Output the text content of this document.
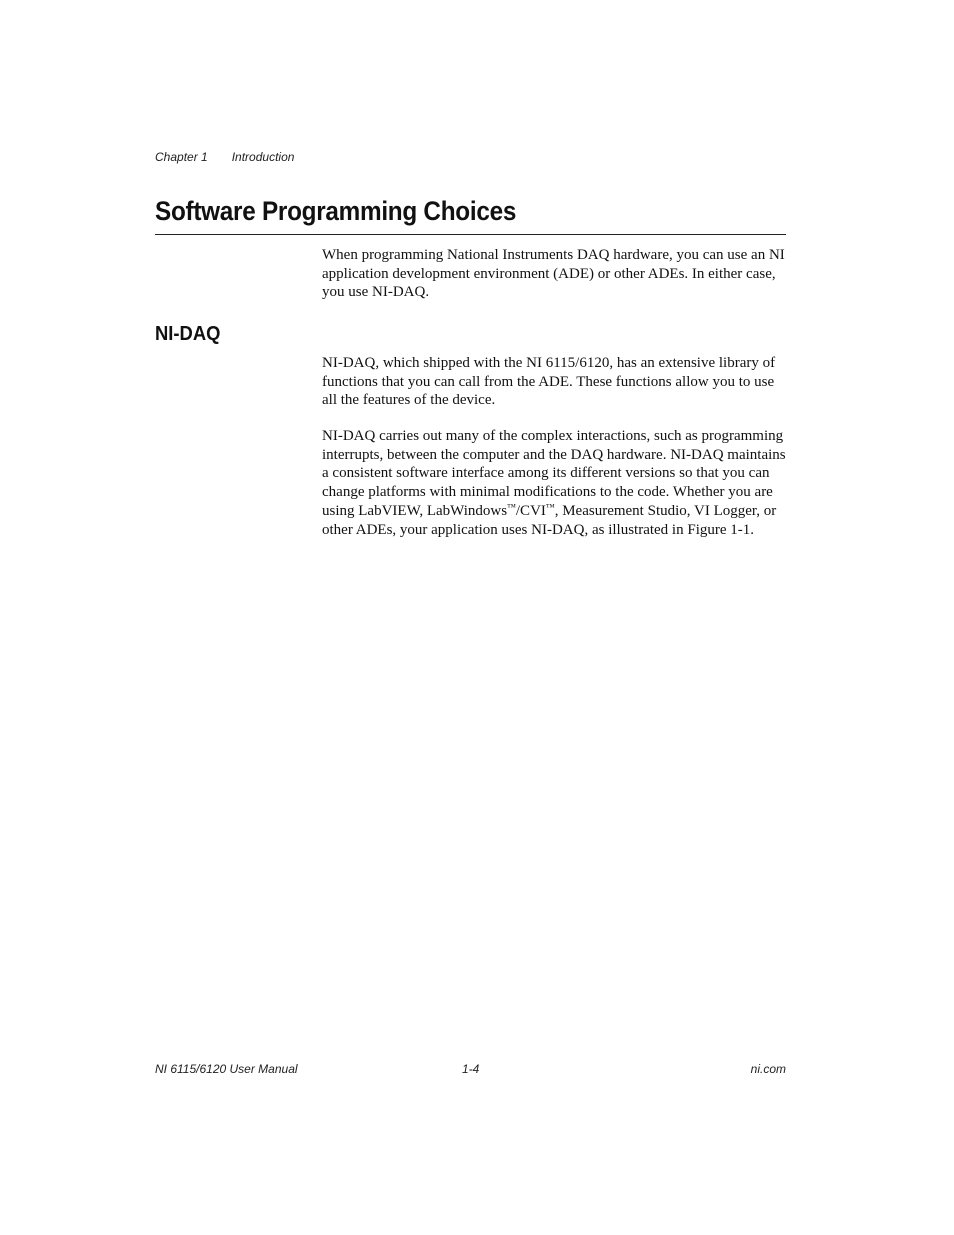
Chapter 1 Introduction
Software Programming Choices

When programming National Instruments DAQ hardware, you can use an NI application development environment (ADE) or other ADEs. In either case, you use NI-DAQ.

NI-DAQ

NI-DAQ, which shipped with the NI 6115/6120, has an extensive library of functions that you can call from the ADE. These functions allow you to use all the features of the device.

NI-DAQ carries out many of the complex interactions, such as programming interrupts, between the computer and the DAQ hardware. NI-DAQ maintains a consistent software interface among its different versions so that you can change platforms with minimal modifications to the code. Whether you are using LabVIEW, LabWindows™/CVI™, Measurement Studio, VI Logger, or other ADEs, your application uses NI-DAQ, as illustrated in Figure 1-1.

NI 6115/6120 User Manual	1-4	ni.com
